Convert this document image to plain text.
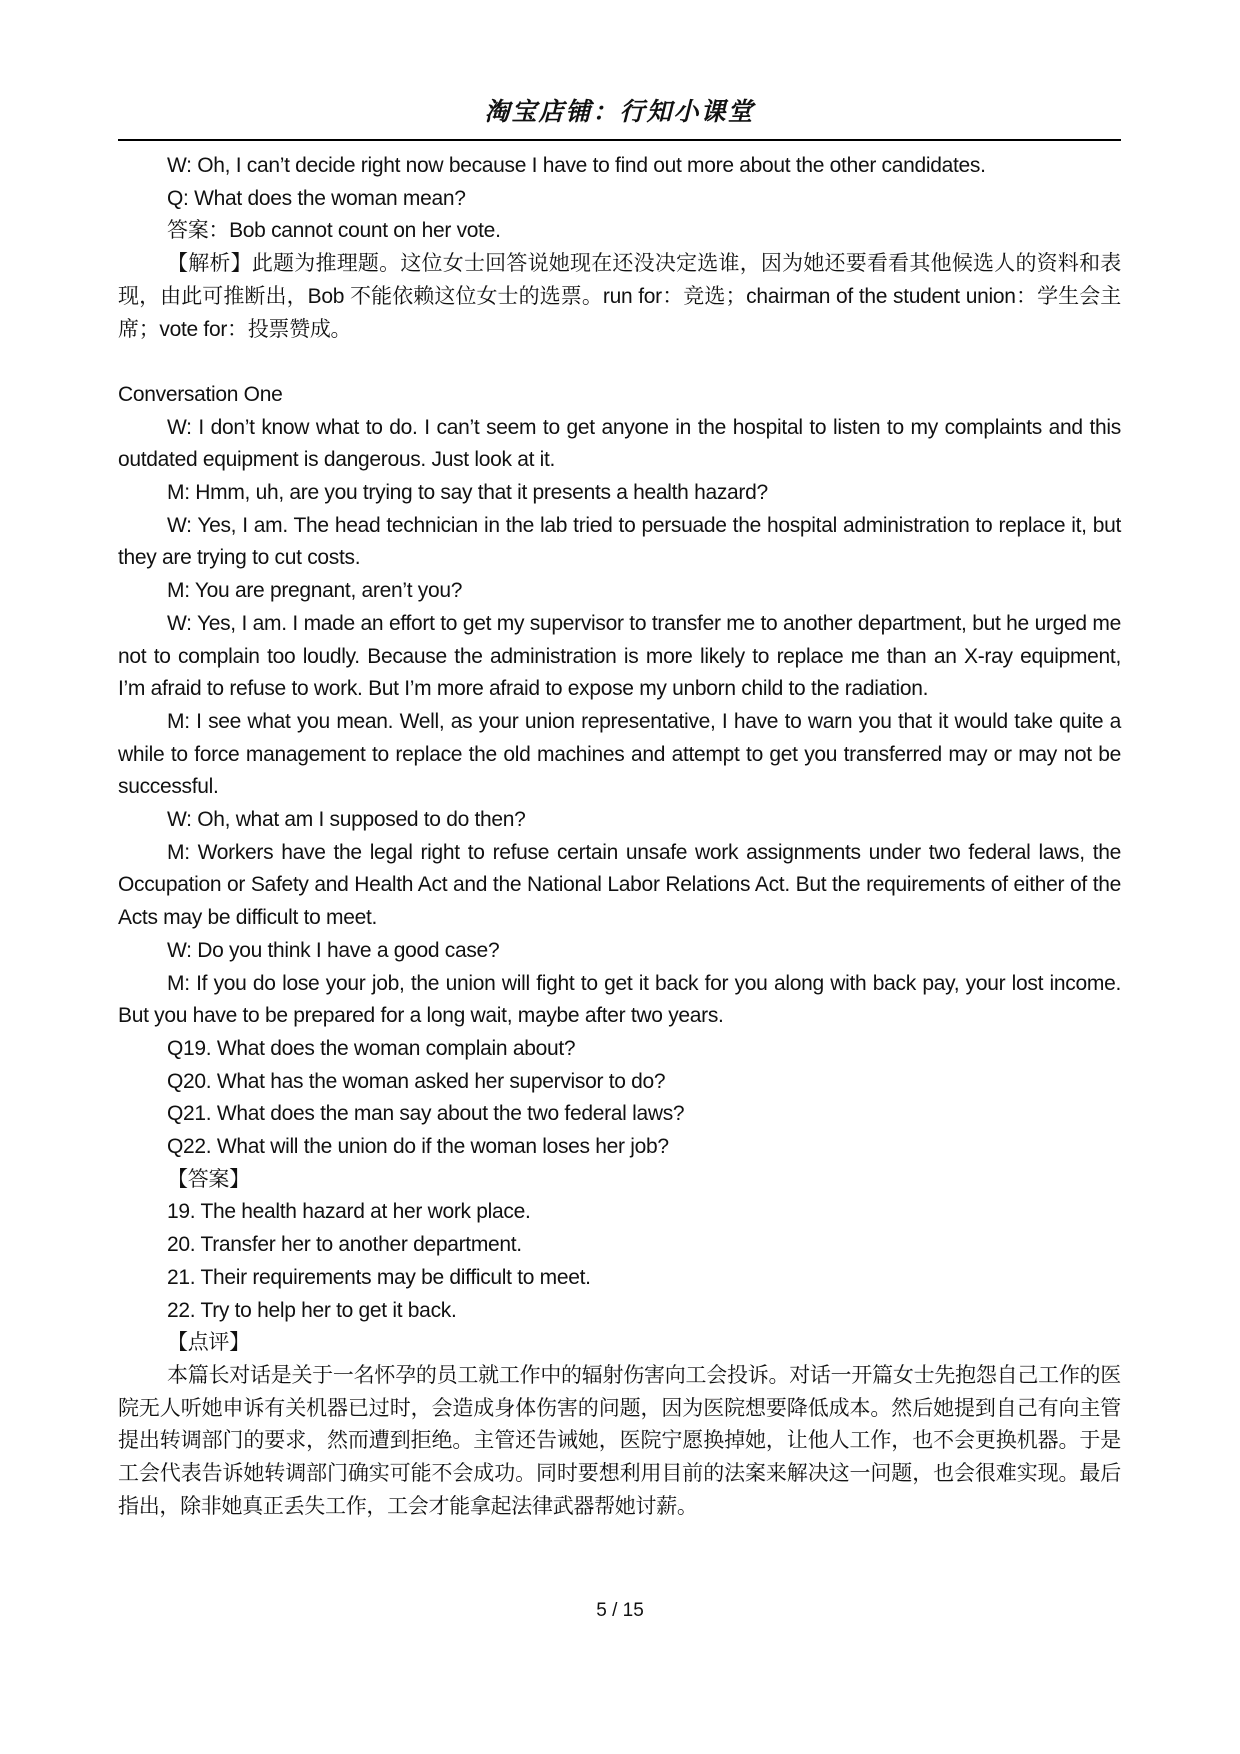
淘宝店铺：行知小课堂

W: Oh, I can’t decide right now because I have to find out more about the other candidates.

Q: What does the woman mean?

答案：Bob cannot count on her vote.

【解析】此题为推理题。这位女士回答说她现在还没决定选谁，因为她还要看看其他候选人的资料和表现，由此可推断出，Bob 不能依赖这位女士的选票。run for：竞选；chairman of the student union：学生会主席；vote for：投票赞成。

Conversation One

W: I don’t know what to do. I can’t seem to get anyone in the hospital to listen to my complaints and this outdated equipment is dangerous. Just look at it.

M: Hmm, uh, are you trying to say that it presents a health hazard?

W: Yes, I am. The head technician in the lab tried to persuade the hospital administration to replace it, but they are trying to cut costs.

M: You are pregnant, aren’t you?

W: Yes, I am. I made an effort to get my supervisor to transfer me to another department, but he urged me not to complain too loudly. Because the administration is more likely to replace me than an X-ray equipment, I’m afraid to refuse to work. But I’m more afraid to expose my unborn child to the radiation.

M: I see what you mean. Well, as your union representative, I have to warn you that it would take quite a while to force management to replace the old machines and attempt to get you transferred may or may not be successful.

W: Oh, what am I supposed to do then?

M: Workers have the legal right to refuse certain unsafe work assignments under two federal laws, the Occupation or Safety and Health Act and the National Labor Relations Act. But the requirements of either of the Acts may be difficult to meet.

W: Do you think I have a good case?

M: If you do lose your job, the union will fight to get it back for you along with back pay, your lost income. But you have to be prepared for a long wait, maybe after two years.

Q19. What does the woman complain about?

Q20. What has the woman asked her supervisor to do?

Q21. What does the man say about the two federal laws?

Q22. What will the union do if the woman loses her job?

【答案】

19. The health hazard at her work place.

20. Transfer her to another department.

21. Their requirements may be difficult to meet.

22. Try to help her to get it back.

【点评】

本篇长对话是关于一名怀孕的员工就工作中的辐射伤害向工会投诉。对话一开篇女士先抱怨自己工作的医院无人听她申诉有关机器已过时，会造成身体伤害的问题，因为医院想要降低成本。然后她提到自己有向主管提出转调部门的要求，然而遭到拒绝。主管还告诫她，医院宁愿换掉她，让他人工作，也不会更换机器。于是工会代表告诉她转调部门确实可能不会成功。同时要想利用目前的法案来解决这一问题，也会很难实现。最后指出，除非她真正丢失工作，工会才能拿起法律武器帮她讨薪。

5 / 15
